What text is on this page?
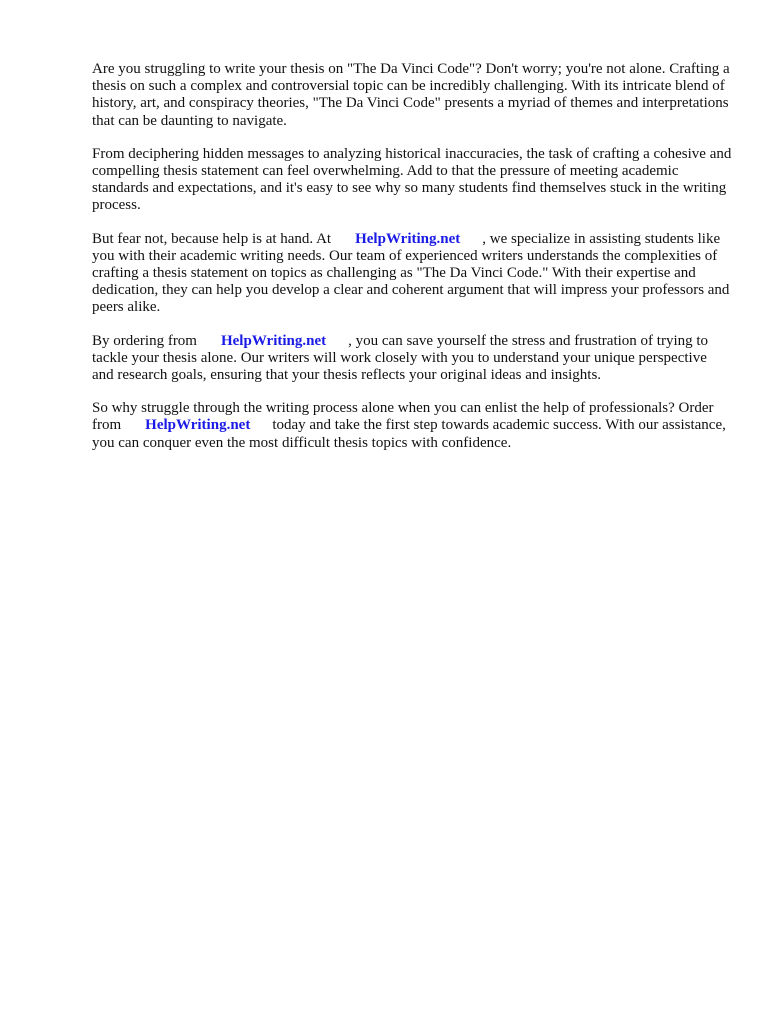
Are you struggling to write your thesis on "The Da Vinci Code"? Don't worry; you're not alone. Crafting a thesis on such a complex and controversial topic can be incredibly challenging. With its intricate blend of history, art, and conspiracy theories, "The Da Vinci Code" presents a myriad of themes and interpretations that can be daunting to navigate.

From deciphering hidden messages to analyzing historical inaccuracies, the task of crafting a cohesive and compelling thesis statement can feel overwhelming. Add to that the pressure of meeting academic standards and expectations, and it's easy to see why so many students find themselves stuck in the writing process.

But fear not, because help is at hand. At HelpWriting.net , we specialize in assisting students like you with their academic writing needs. Our team of experienced writers understands the complexities of crafting a thesis statement on topics as challenging as "The Da Vinci Code." With their expertise and dedication, they can help you develop a clear and coherent argument that will impress your professors and peers alike.

By ordering from HelpWriting.net , you can save yourself the stress and frustration of trying to tackle your thesis alone. Our writers will work closely with you to understand your unique perspective and research goals, ensuring that your thesis reflects your original ideas and insights.

So why struggle through the writing process alone when you can enlist the help of professionals? Order from HelpWriting.net today and take the first step towards academic success. With our assistance, you can conquer even the most difficult thesis topics with confidence.
